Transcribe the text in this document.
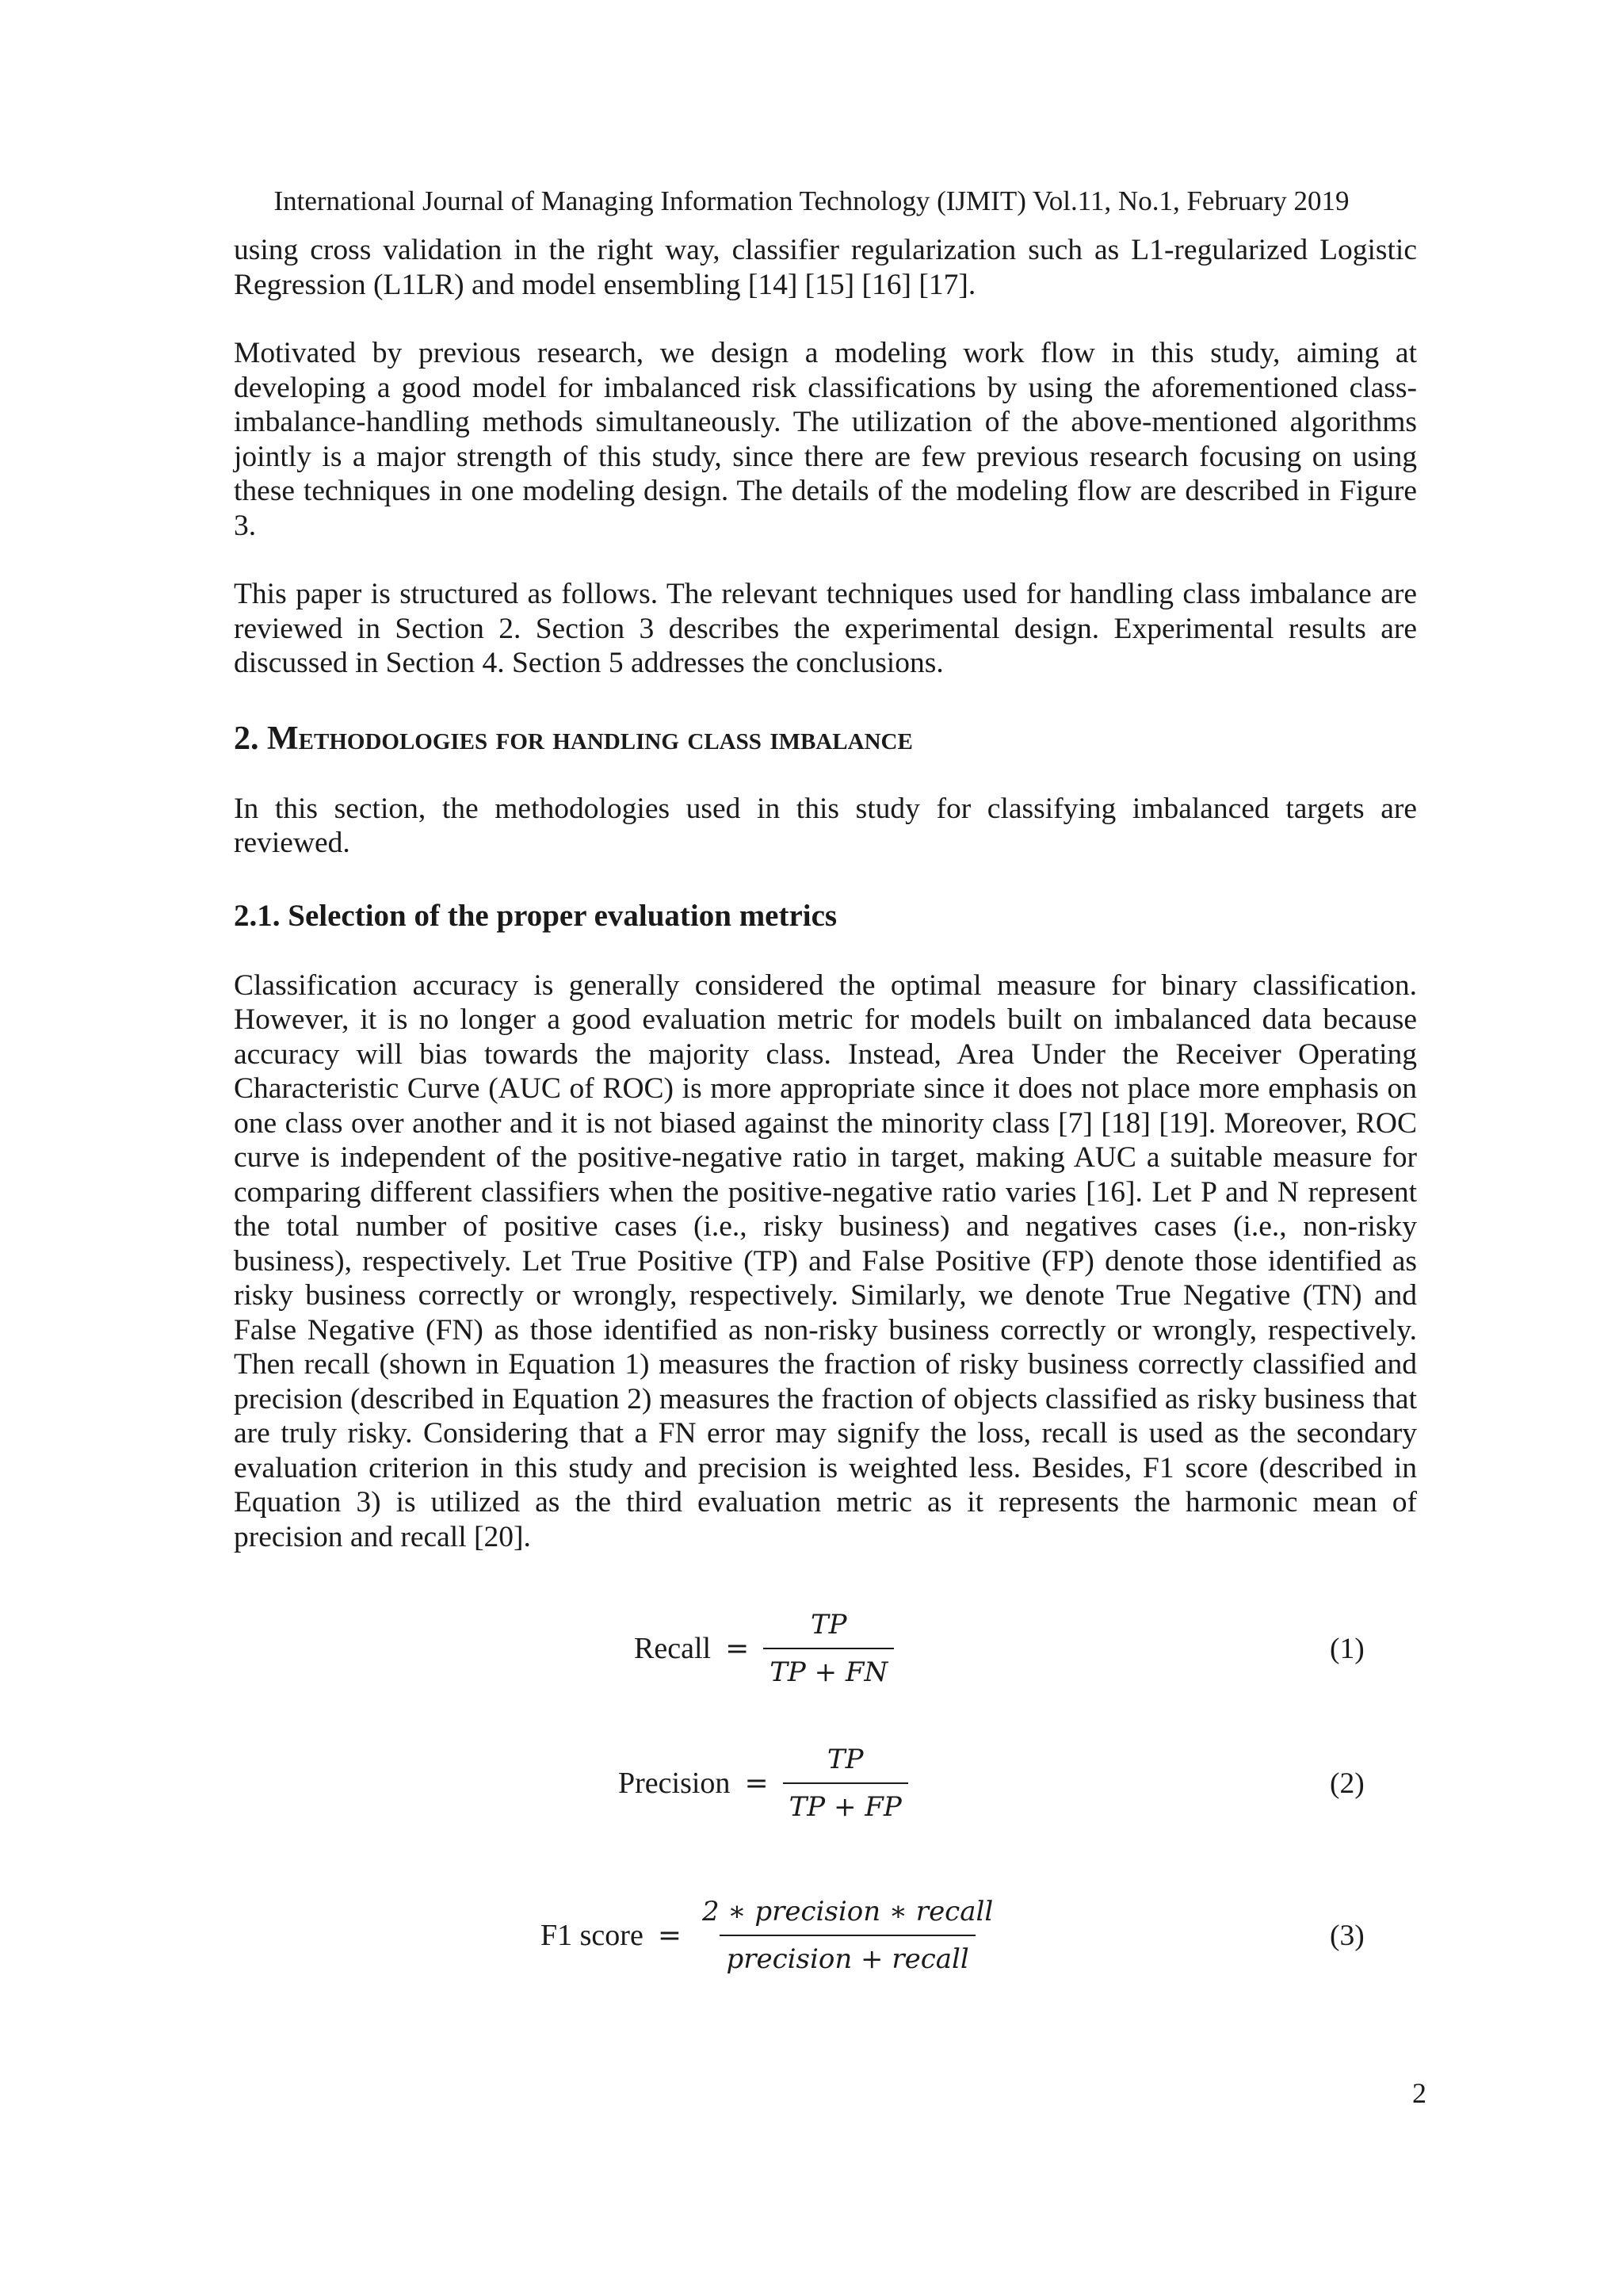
International Journal of Managing Information Technology (IJMIT) Vol.11, No.1, February 2019

using cross validation in the right way, classifier regularization such as L1-regularized Logistic Regression (L1LR) and model ensembling [14] [15] [16] [17].

Motivated by previous research, we design a modeling work flow in this study, aiming at developing a good model for imbalanced risk classifications by using the aforementioned class-imbalance-handling methods simultaneously. The utilization of the above-mentioned algorithms jointly is a major strength of this study, since there are few previous research focusing on using these techniques in one modeling design. The details of the modeling flow are described in Figure 3.

This paper is structured as follows. The relevant techniques used for handling class imbalance are reviewed in Section 2. Section 3 describes the experimental design. Experimental results are discussed in Section 4. Section 5 addresses the conclusions.

2. Methodologies for handling class imbalance

In this section, the methodologies used in this study for classifying imbalanced targets are reviewed.

2.1. Selection of the proper evaluation metrics

Classification accuracy is generally considered the optimal measure for binary classification. However, it is no longer a good evaluation metric for models built on imbalanced data because accuracy will bias towards the majority class. Instead, Area Under the Receiver Operating Characteristic Curve (AUC of ROC) is more appropriate since it does not place more emphasis on one class over another and it is not biased against the minority class [7] [18] [19]. Moreover, ROC curve is independent of the positive-negative ratio in target, making AUC a suitable measure for comparing different classifiers when the positive-negative ratio varies [16]. Let P and N represent the total number of positive cases (i.e., risky business) and negatives cases (i.e., non-risky business), respectively. Let True Positive (TP) and False Positive (FP) denote those identified as risky business correctly or wrongly, respectively. Similarly, we denote True Negative (TN) and False Negative (FN) as those identified as non-risky business correctly or wrongly, respectively. Then recall (shown in Equation 1) measures the fraction of risky business correctly classified and precision (described in Equation 2) measures the fraction of objects classified as risky business that are truly risky. Considering that a FN error may signify the loss, recall is used as the secondary evaluation criterion in this study and precision is weighted less. Besides, F1 score (described in Equation 3) is utilized as the third evaluation metric as it represents the harmonic mean of precision and recall [20].

Recall = $\frac{TP}{TP + FN}$	(1)
Precision = $\frac{TP}{TP + FP}$	(2)
F1 score = $\frac{\text{2 ∗ precision ∗ recall}}{\text{precision + recall}}$	(3)
2
